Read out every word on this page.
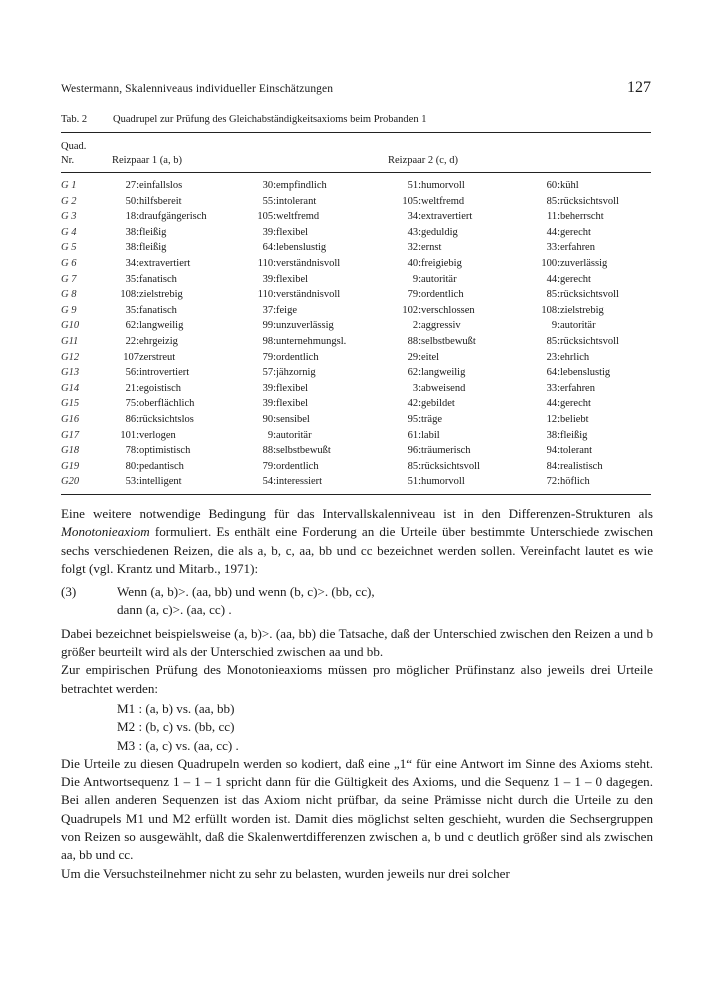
Westermann, Skalenniveaus individueller Einschätzungen	127
Tab. 2 Quadrupel zur Prüfung des Gleichabständigkeitsaxioms beim Probanden 1
Quad.
Nr.	Reizpaar 1 (a, b)	Reizpaar 2 (c, d)
G 1	27:	einfallslos	30:	empfindlich	51:	humorvoll	60:	kühl
G 2	50:	hilfsbereit	55:	intolerant	105:	weltfremd	85:	rücksichtsvoll
G 3	18:	draufgängerisch	105:	weltfremd	34:	extravertiert	11:	beherrscht
G 4	38:	fleißig	39:	flexibel	43:	geduldig	44:	gerecht
G 5	38:	fleißig	64:	lebenslustig	32:	ernst	33:	erfahren
G 6	34:	extravertiert	110:	verständnisvoll	40:	freigiebig	100:	zuverlässig
G 7	35:	fanatisch	39:	flexibel	9:	autoritär	44:	gerecht
G 8	108:	zielstrebig	110:	verständnisvoll	79:	ordentlich	85:	rücksichtsvoll
G 9	35:	fanatisch	37:	feige	102:	verschlossen	108:	zielstrebig
G10	62:	langweilig	99:	unzuverlässig	2:	aggressiv	9:	autoritär
G11	22:	ehrgeizig	98:	unternehmungsl.	88:	selbstbewußt	85:	rücksichtsvoll
G12	107	zerstreut	79:	ordentlich	29:	eitel	23:	ehrlich
G13	56:	introvertiert	57:	jähzornig	62:	langweilig	64:	lebenslustig
G14	21:	egoistisch	39:	flexibel	3:	abweisend	33:	erfahren
G15	75:	oberflächlich	39:	flexibel	42:	gebildet	44:	gerecht
G16	86:	rücksichtslos	90:	sensibel	95:	träge	12:	beliebt
G17	101:	verlogen	9:	autoritär	61:	labil	38:	fleißig
G18	78:	optimistisch	88:	selbstbewußt	96:	träumerisch	94:	tolerant
G19	80:	pedantisch	79:	ordentlich	85:	rücksichtsvoll	84:	realistisch
G20	53:	intelligent	54:	interessiert	51:	humorvoll	72:	höflich

Eine weitere notwendige Bedingung für das Intervallskalenniveau ist in den Differenzen-Strukturen als Monotonieaxiom formuliert. Es enthält eine Forderung an die Urteile über bestimmte Unterschiede zwischen sechs verschiedenen Reizen, die als a, b, c, aa, bb und cc bezeichnet werden sollen. Vereinfacht lautet es wie folgt (vgl. Krantz und Mitarb., 1971):

(3)	Wenn (a, b)>. (aa, bb) und wenn (b, c)>. (bb, cc),
dann (a, c)>. (aa, cc) .

Dabei bezeichnet beispielsweise (a, b)>. (aa, bb) die Tatsache, daß der Unterschied zwischen den Reizen a und b größer beurteilt wird als der Unterschied zwischen aa und bb.

Zur empirischen Prüfung des Monotonieaxioms müssen pro möglicher Prüfinstanz also jeweils drei Urteile betrachtet werden:

M1 : (a, b) vs. (aa, bb)
M2 : (b, c) vs. (bb, cc)
M3 : (a, c) vs. (aa, cc) .

Die Urteile zu diesen Quadrupeln werden so kodiert, daß eine „1“ für eine Antwort im Sinne des Axioms steht. Die Antwortsequenz 1 – 1 – 1 spricht dann für die Gültigkeit des Axioms, und die Sequenz 1 – 1 – 0 dagegen. Bei allen anderen Sequenzen ist das Axiom nicht prüfbar, da seine Prämisse nicht durch die Urteile zu den Quadrupels M1 und M2 erfüllt worden ist. Damit dies möglichst selten geschieht, wurden die Sechsergruppen von Reizen so ausgewählt, daß die Skalenwertdifferenzen zwischen a, b und c deutlich größer sind als zwischen aa, bb und cc.

Um die Versuchsteilnehmer nicht zu sehr zu belasten, wurden jeweils nur drei solcher
